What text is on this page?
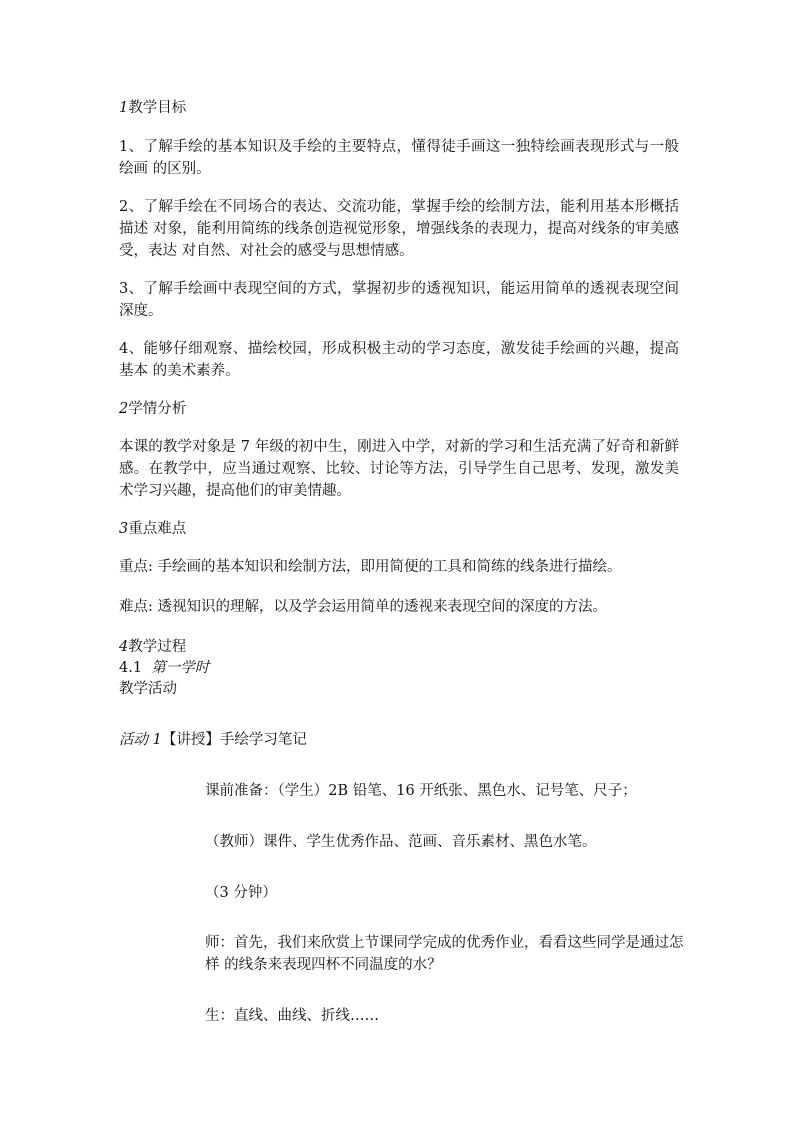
1教学目标

1、了解手绘的基本知识及手绘的主要特点，懂得徒手画这一独特绘画表现形式与一般绘画 的区别。

2、了解手绘在不同场合的表达、交流功能，掌握手绘的绘制方法，能利用基本形概括描述 对象，能利用简练的线条创造视觉形象，增强线条的表现力，提高对线条的审美感受，表达 对自然、对社会的感受与思想情感。

3、了解手绘画中表现空间的方式，掌握初步的透视知识，能运用简单的透视表现空间深度。

4、能够仔细观察、描绘校园，形成积极主动的学习态度，激发徒手绘画的兴趣，提高基本 的美术素养。

2学情分析

本课的教学对象是 7 年级的初中生，刚进入中学，对新的学习和生活充满了好奇和新鲜感。在教学中，应当通过观察、比较、讨论等方法，引导学生自己思考、发现，激发美术学习兴趣，提高他们的审美情趣。

3重点难点
重点: 手绘画的基本知识和绘制方法，即用简便的工具和简练的线条进行描绘。
难点: 透视知识的理解，以及学会运用简单的透视来表现空间的深度的方法。
4教学过程
4.1 第一学时
教学活动
活动 1【讲授】手绘学习笔记
课前准备：（学生）2B 铅笔、16 开纸张、黑色水、记号笔、尺子；
（教师）课件、学生优秀作品、范画、音乐素材、黑色水笔。
（3 分钟）
师：首先，我们来欣赏上节课同学完成的优秀作业，看看这些同学是通过怎样 的线条来表现四杯不同温度的水？
生：直线、曲线、折线……
